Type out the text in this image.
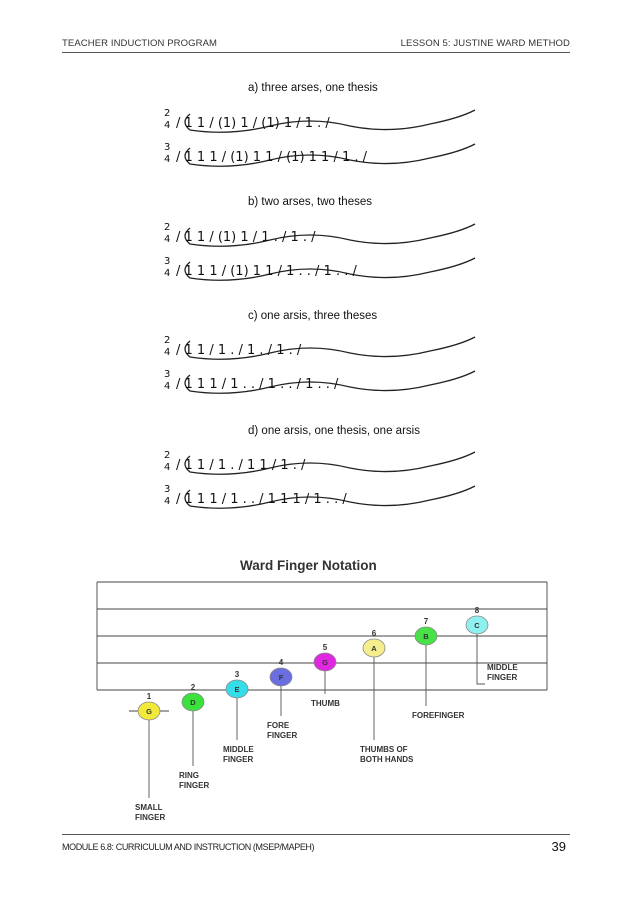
TEACHER INDUCTION PROGRAM	LESSON 5: JUSTINE WARD METHOD
a) three arses, one thesis
2
4 / 1 1 / (1) 1 / (1) 1 / 1 . /
3
4 / 1 1 1 / (1) 1 1 / (1) 1 1 / 1 . /
b) two arses, two theses
2
4 / 1 1 / (1) 1 / 1 . / 1 . /
3
4 / 1 1 1 / (1) 1 1 / 1 . . / 1 . . /
c) one arsis, three theses
2
4 / 1 1 / 1 . / 1 . / 1 . /
3
4 / 1 1 1 / 1 . . / 1 . . / 1 . . /
d) one arsis, one thesis, one arsis
2
4 / 1 1 / 1 . / 1 1 / 1 . /
3
4 / 1 1 1 / 1 . . / 1 1 1 / 1 . . /
Ward Finger Notation
1
G
SMALL
FINGER
2
D
RING
FINGER
3
E
MIDDLE
FINGER
4
F
FORE
FINGER
5
G
THUMB
6
A
THUMBS OF
BOTH HANDS
7
B
FOREFINGER
8
C
MIDDLE
FINGER
MODULE 6.8: CURRICULUM AND INSTRUCTION (MSEP/MAPEH)	39
